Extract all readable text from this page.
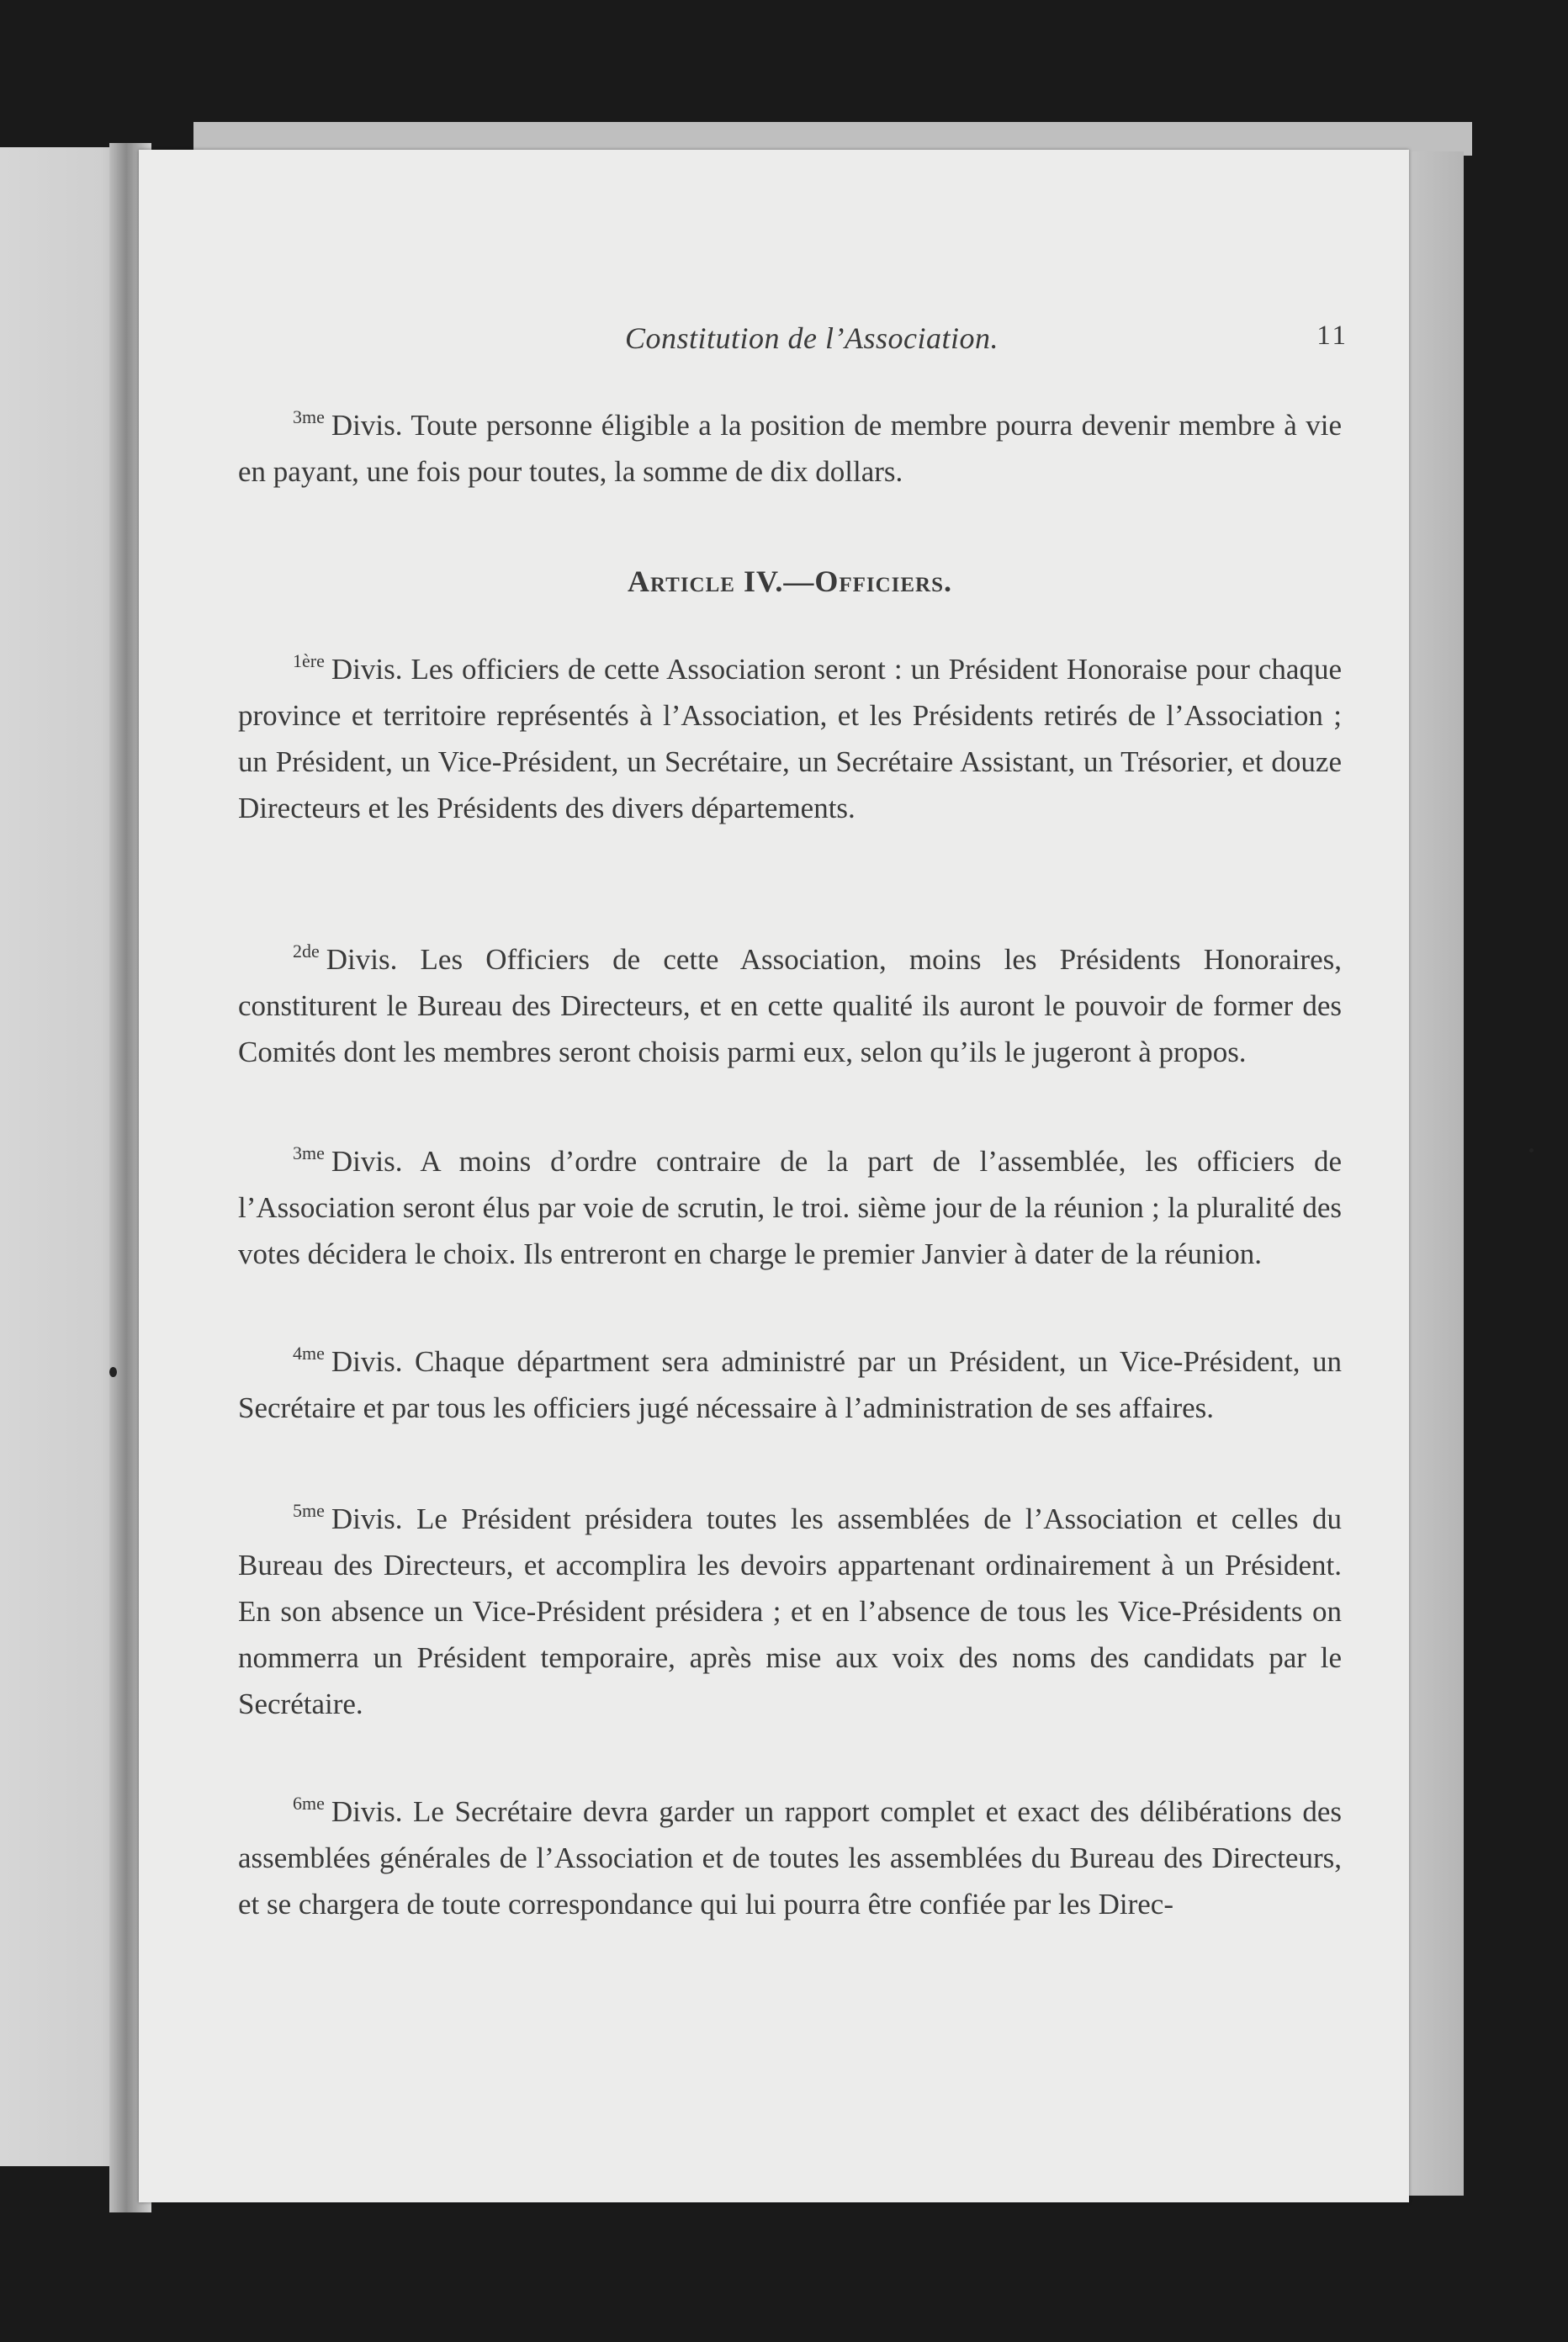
Constitution de l’Association.	11

$^{3me}$ Divis. Toute personne éligible a la position de membre pourra devenir membre à vie en payant, une fois pour toutes, la somme de dix dollars.

Article IV.—Officiers.

$^{1ère}$ Divis. Les officiers de cette Association seront : un Président Honoraise pour chaque province et territoire représentés à l’Association, et les Présidents retirés de l’Association ; un Président, un Vice-Président, un Secrétaire, un Secrétaire Assistant, un Trésorier, et douze Directeurs et les Présidents des divers départements.

$^{2de}$ Divis. Les Officiers de cette Association, moins les Présidents Honoraires, constiturent le Bureau des Directeurs, et en cette qualité ils auront le pouvoir de former des Comités dont les membres seront choisis parmi eux, selon qu’ils le jugeront à propos.

$^{3me}$ Divis. A moins d’ordre contraire de la part de l’assemblée, les officiers de l’Association seront élus par voie de scrutin, le troi. sième jour de la réunion ; la pluralité des votes décidera le choix. Ils entreront en charge le premier Janvier à dater de la réunion.

$^{4me}$ Divis. Chaque départment sera administré par un Président, un Vice-Président, un Secrétaire et par tous les officiers jugé nécessaire à l’administration de ses affaires.

$^{5me}$ Divis. Le Président présidera toutes les assemblées de l’Association et celles du Bureau des Directeurs, et accomplira les devoirs appartenant ordinairement à un Président. En son absence un Vice-Président présidera ; et en l’absence de tous les Vice-Présidents on nommerra un Président temporaire, après mise aux voix des noms des candidats par le Secrétaire.

$^{6me}$ Divis. Le Secrétaire devra garder un rapport complet et exact des délibérations des assemblées générales de l’Association et de toutes les assemblées du Bureau des Directeurs, et se chargera de toute correspondance qui lui pourra être confiée par les Direc-
